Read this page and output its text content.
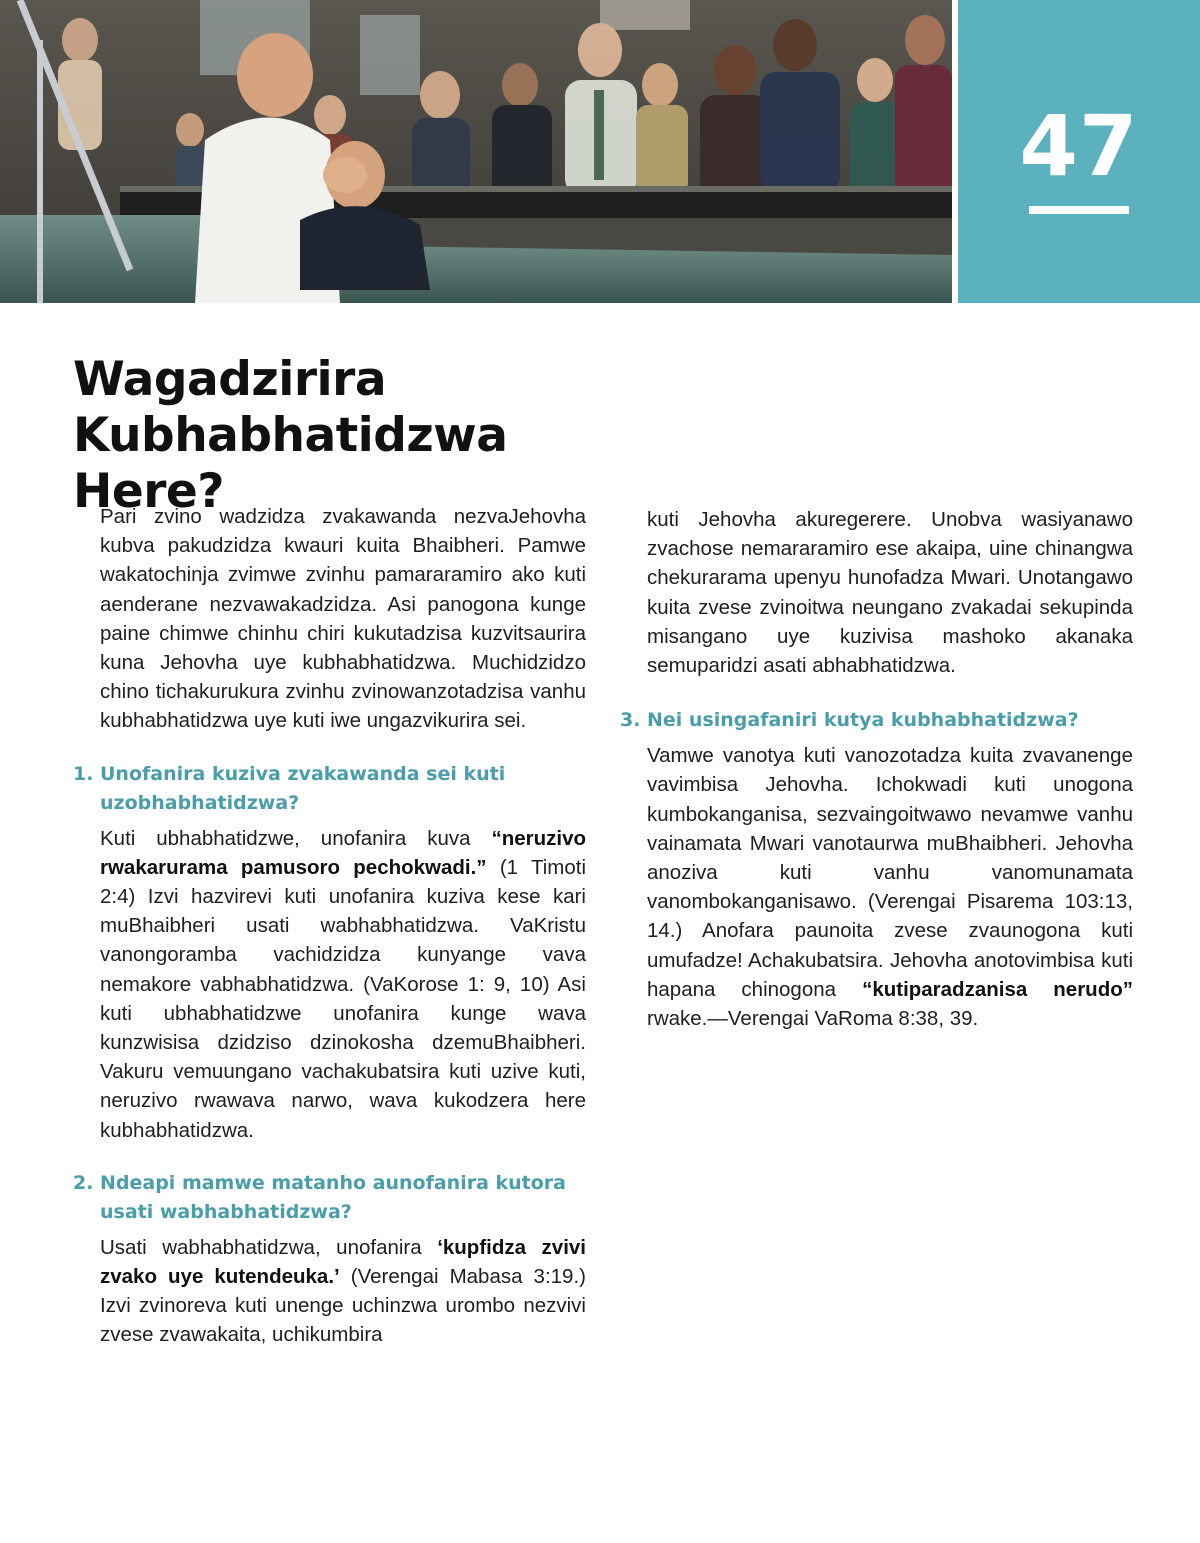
47
Wagadzirira Kubhabhatidzwa
Here?

Pari zvino wadzidza zvakawanda nezvaJehovha kubva pakudzidza kwauri kuita Bhaibheri. Pamwe wakatochinja zvimwe zvinhu pamararamiro ako kuti aenderane nezvawakadzidza. Asi panogona kunge paine chimwe chinhu chiri kukutadzisa kuzvitsaurira kuna Jehovha uye kubhabhatidzwa. Muchidzidzo chino tichakurukura zvinhu zvinowanzotadzisa vanhu kubhabhatidzwa uye kuti iwe ungazvikurira sei.

1. Unofanira kuziva zvakawanda sei kuti uzobhabhatidzwa?

Kuti ubhabhatidzwe, unofanira kuva “neruzivo rwakarurama pamusoro pechokwadi.” (1 Timoti 2:4) Izvi hazvirevi kuti unofanira kuziva kese kari muBhaibheri usati wabhabhatidzwa. VaKristu vanongoramba vachidzidza kunyange vava nemakore vabhabhatidzwa. (VaKorose 1: 9, 10) Asi kuti ubhabhatidzwe unofanira kunge wava kunzwisisa dzidziso dzinokosha dzemuBhaibheri. Vakuru vemuungano vachakubatsira kuti uzive kuti, neruzivo rwawava narwo, wava kukodzera here kubhabhatidzwa.

2. Ndeapi mamwe matanho aunofanira kutora usati wabhabhatidzwa?

Usati wabhabhatidzwa, unofanira ‘kupfidza zvivi zvako uye kutendeuka.’ (Verengai Mabasa 3:19.) Izvi zvinoreva kuti unenge uchinzwa urombo nezvivi zvese zvawakaita, uchikumbira

kuti Jehovha akuregerere. Unobva wasiyanawo zvachose nemararamiro ese akaipa, uine chinangwa chekurarama upenyu hunofadza Mwari. Unotangawo kuita zvese zvinoitwa neungano zvakadai sekupinda misangano uye kuzivisa mashoko akanaka semuparidzi asati abhabhatidzwa.

3. Nei usingafaniri kutya kubhabhatidzwa?

Vamwe vanotya kuti vanozotadza kuita zvavanenge vavimbisa Jehovha. Ichokwadi kuti unogona kumbokanganisa, sezvaingoitwawo nevamwe vanhu vainamata Mwari vanotaurwa muBhaibheri. Jehovha anoziva kuti vanhu vanomunamata vanombokanganisawo. (Verengai Pisarema 103:13, 14.) Anofara paunoita zvese zvaunogona kuti umufadze! Achakubatsira. Jehovha anotovimbisa kuti hapana chinogona “kutiparadzanisa nerudo” rwake.—Verengai VaRoma 8:38, 39.
